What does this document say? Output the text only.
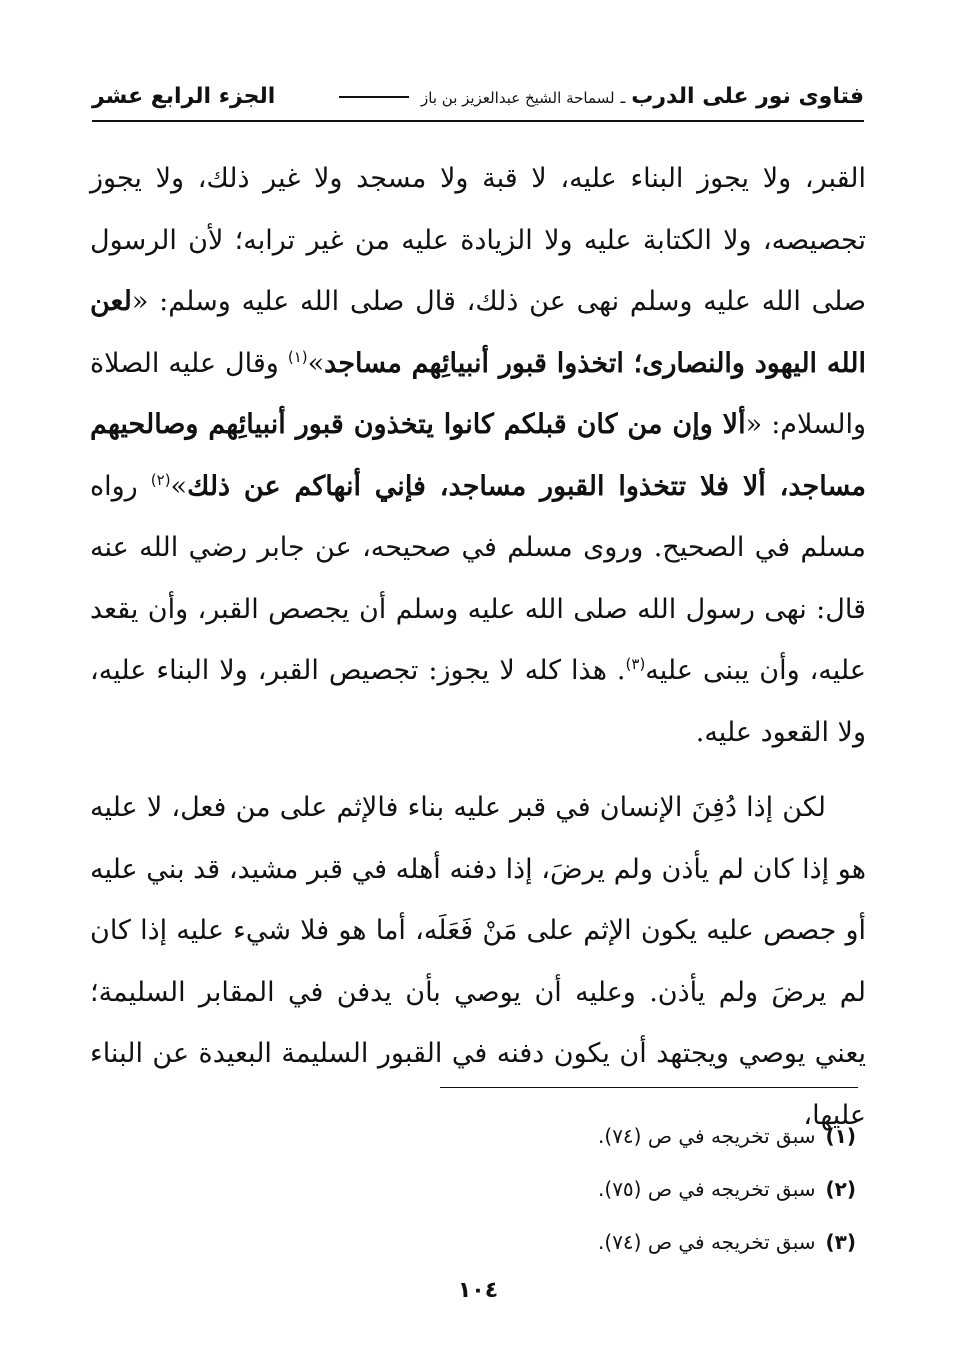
فتاوى نور على الدرب
ـ
لسماحة الشيخ عبدالعزيز بن باز
الجزء الرابع عشر

القبر، ولا يجوز البناء عليه، لا قبة ولا مسجد ولا غير ذلك، ولا يجوز تجصيصه، ولا الكتابة عليه ولا الزيادة عليه من غير ترابه؛ لأن الرسول صلى الله عليه وسلم نهى عن ذلك، قال صلى الله عليه وسلم: «لعن الله اليهود والنصارى؛ اتخذوا قبور أنبيائِهم مساجد»$^{(١)}$ وقال عليه الصلاة والسلام: «ألا وإن من كان قبلكم كانوا يتخذون قبور أنبيائِهم وصالحيهم مساجد، ألا فلا تتخذوا القبور مساجد، فإني أنهاكم عن ذلك»$^{(٢)}$ رواه مسلم في الصحيح. وروى مسلم في صحيحه، عن جابر رضي الله عنه قال: نهى رسول الله صلى الله عليه وسلم أن يجصص القبر، وأن يقعد عليه، وأن يبنى عليه$^{(٣)}$. هذا كله لا يجوز: تجصيص القبر، ولا البناء عليه، ولا القعود عليه.

لكن إذا دُفِنَ الإنسان في قبر عليه بناء فالإثم على من فعل، لا عليه هو إذا كان لم يأذن ولم يرضَ، إذا دفنه أهله في قبر مشيد، قد بني عليه أو جصص عليه يكون الإثم على مَنْ فَعَلَه، أما هو فلا شيء عليه إذا كان لم يرضَ ولم يأذن. وعليه أن يوصي بأن يدفن في المقابر السليمة؛ يعني يوصي ويجتهد أن يكون دفنه في القبور السليمة البعيدة عن البناء عليها،

(١)
سبق تخريجه في ص (٧٤).
(٢)
سبق تخريجه في ص (٧٥).
(٣)
سبق تخريجه في ص (٧٤).
١٠٤
